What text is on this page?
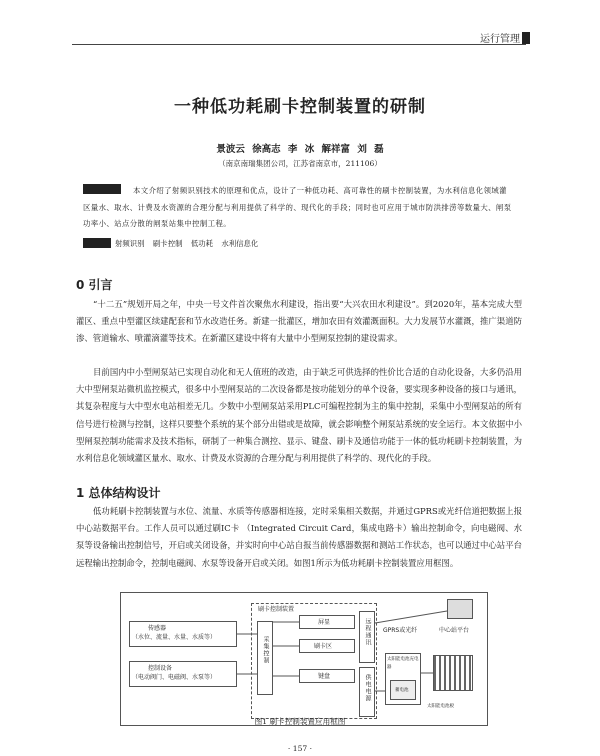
运行管理
一种低功耗刷卡控制装置的研制
景波云 徐高志 李 冰 解祥富 刘 磊
（南京南瑞集团公司，江苏省南京市，211106）
本文介绍了射频识别技术的原理和优点，设计了一种低功耗、高可靠性的刷卡控制装置，为水利信息化领域灌区量水、取水、计费及水资源的合理分配与利用提供了科学的、现代化的手段；同时也可应用于城市防洪排涝等数量大、闸泵功率小、站点分散的闸泵站集中控制工程。
射频识别 刷卡控制 低功耗 水利信息化
0 引言
“十二五”规划开局之年，中央一号文件首次聚焦水利建设，指出要“大兴农田水利建设”。到2020年，基本完成大型灌区、重点中型灌区续建配套和节水改造任务。新建一批灌区，增加农田有效灌溉面积。大力发展节水灌溉，推广渠道防渗、管道输水、喷灌滴灌等技术。在新灌区建设中将有大量中小型闸泵控制的建设需求。
目前国内中小型闸泵站已实现自动化和无人值班的改造，由于缺乏可供选择的性价比合适的自动化设备，大多仍沿用大中型闸泵站微机监控模式，很多中小型闸泵站的二次设备都是按功能划分的单个设备，要实现多种设备的接口与通讯，其复杂程度与大中型水电站相差无几。少数中小型闸泵站采用PLC可编程控制为主的集中控制，采集中小型闸泵站的所有信号进行检测与控制，这样只要整个系统的某个部分出错或是故障，就会影响整个闸泵站系统的安全运行。本文依据中小型闸泵控制功能需求及技术指标，研制了一种集合测控、显示、键盘、刷卡及通信功能于一体的低功耗刷卡控制装置，为水利信息化领域灌区量水、取水、计费及水资源的合理分配与利用提供了科学的、现代化的手段。
1 总体结构设计
低功耗刷卡控制装置与水位、流量、水质等传感器相连接，定时采集相关数据，并通过GPRS或光纤信道把数据上报中心站数据平台。工作人员可以通过刷IC卡 （Integrated Circuit Card，集成电路卡）输出控制命令，向电磁阀、水泵等设备输出控制信号，开启或关闭设备，并实时向中心站自报当前传感器数据和测站工作状态，也可以通过中心站平台远程输出控制命令，控制电磁阀、水泵等设备开启或关闭。如图1所示为低功耗刷卡控制装置应用框图。
传感器
（水位、流量、水量、水质等）
控制设备
（电动阀门、电磁阀、水泵等）
刷卡控制装置
采集控制
屏显
刷卡区
键盘
远程通讯
供电电源
GPRS或光纤	中心站平台
太阳能电池充电器
蓄电池
太阳能电池板
图1 刷卡控制装置应用框图
· 157 ·
